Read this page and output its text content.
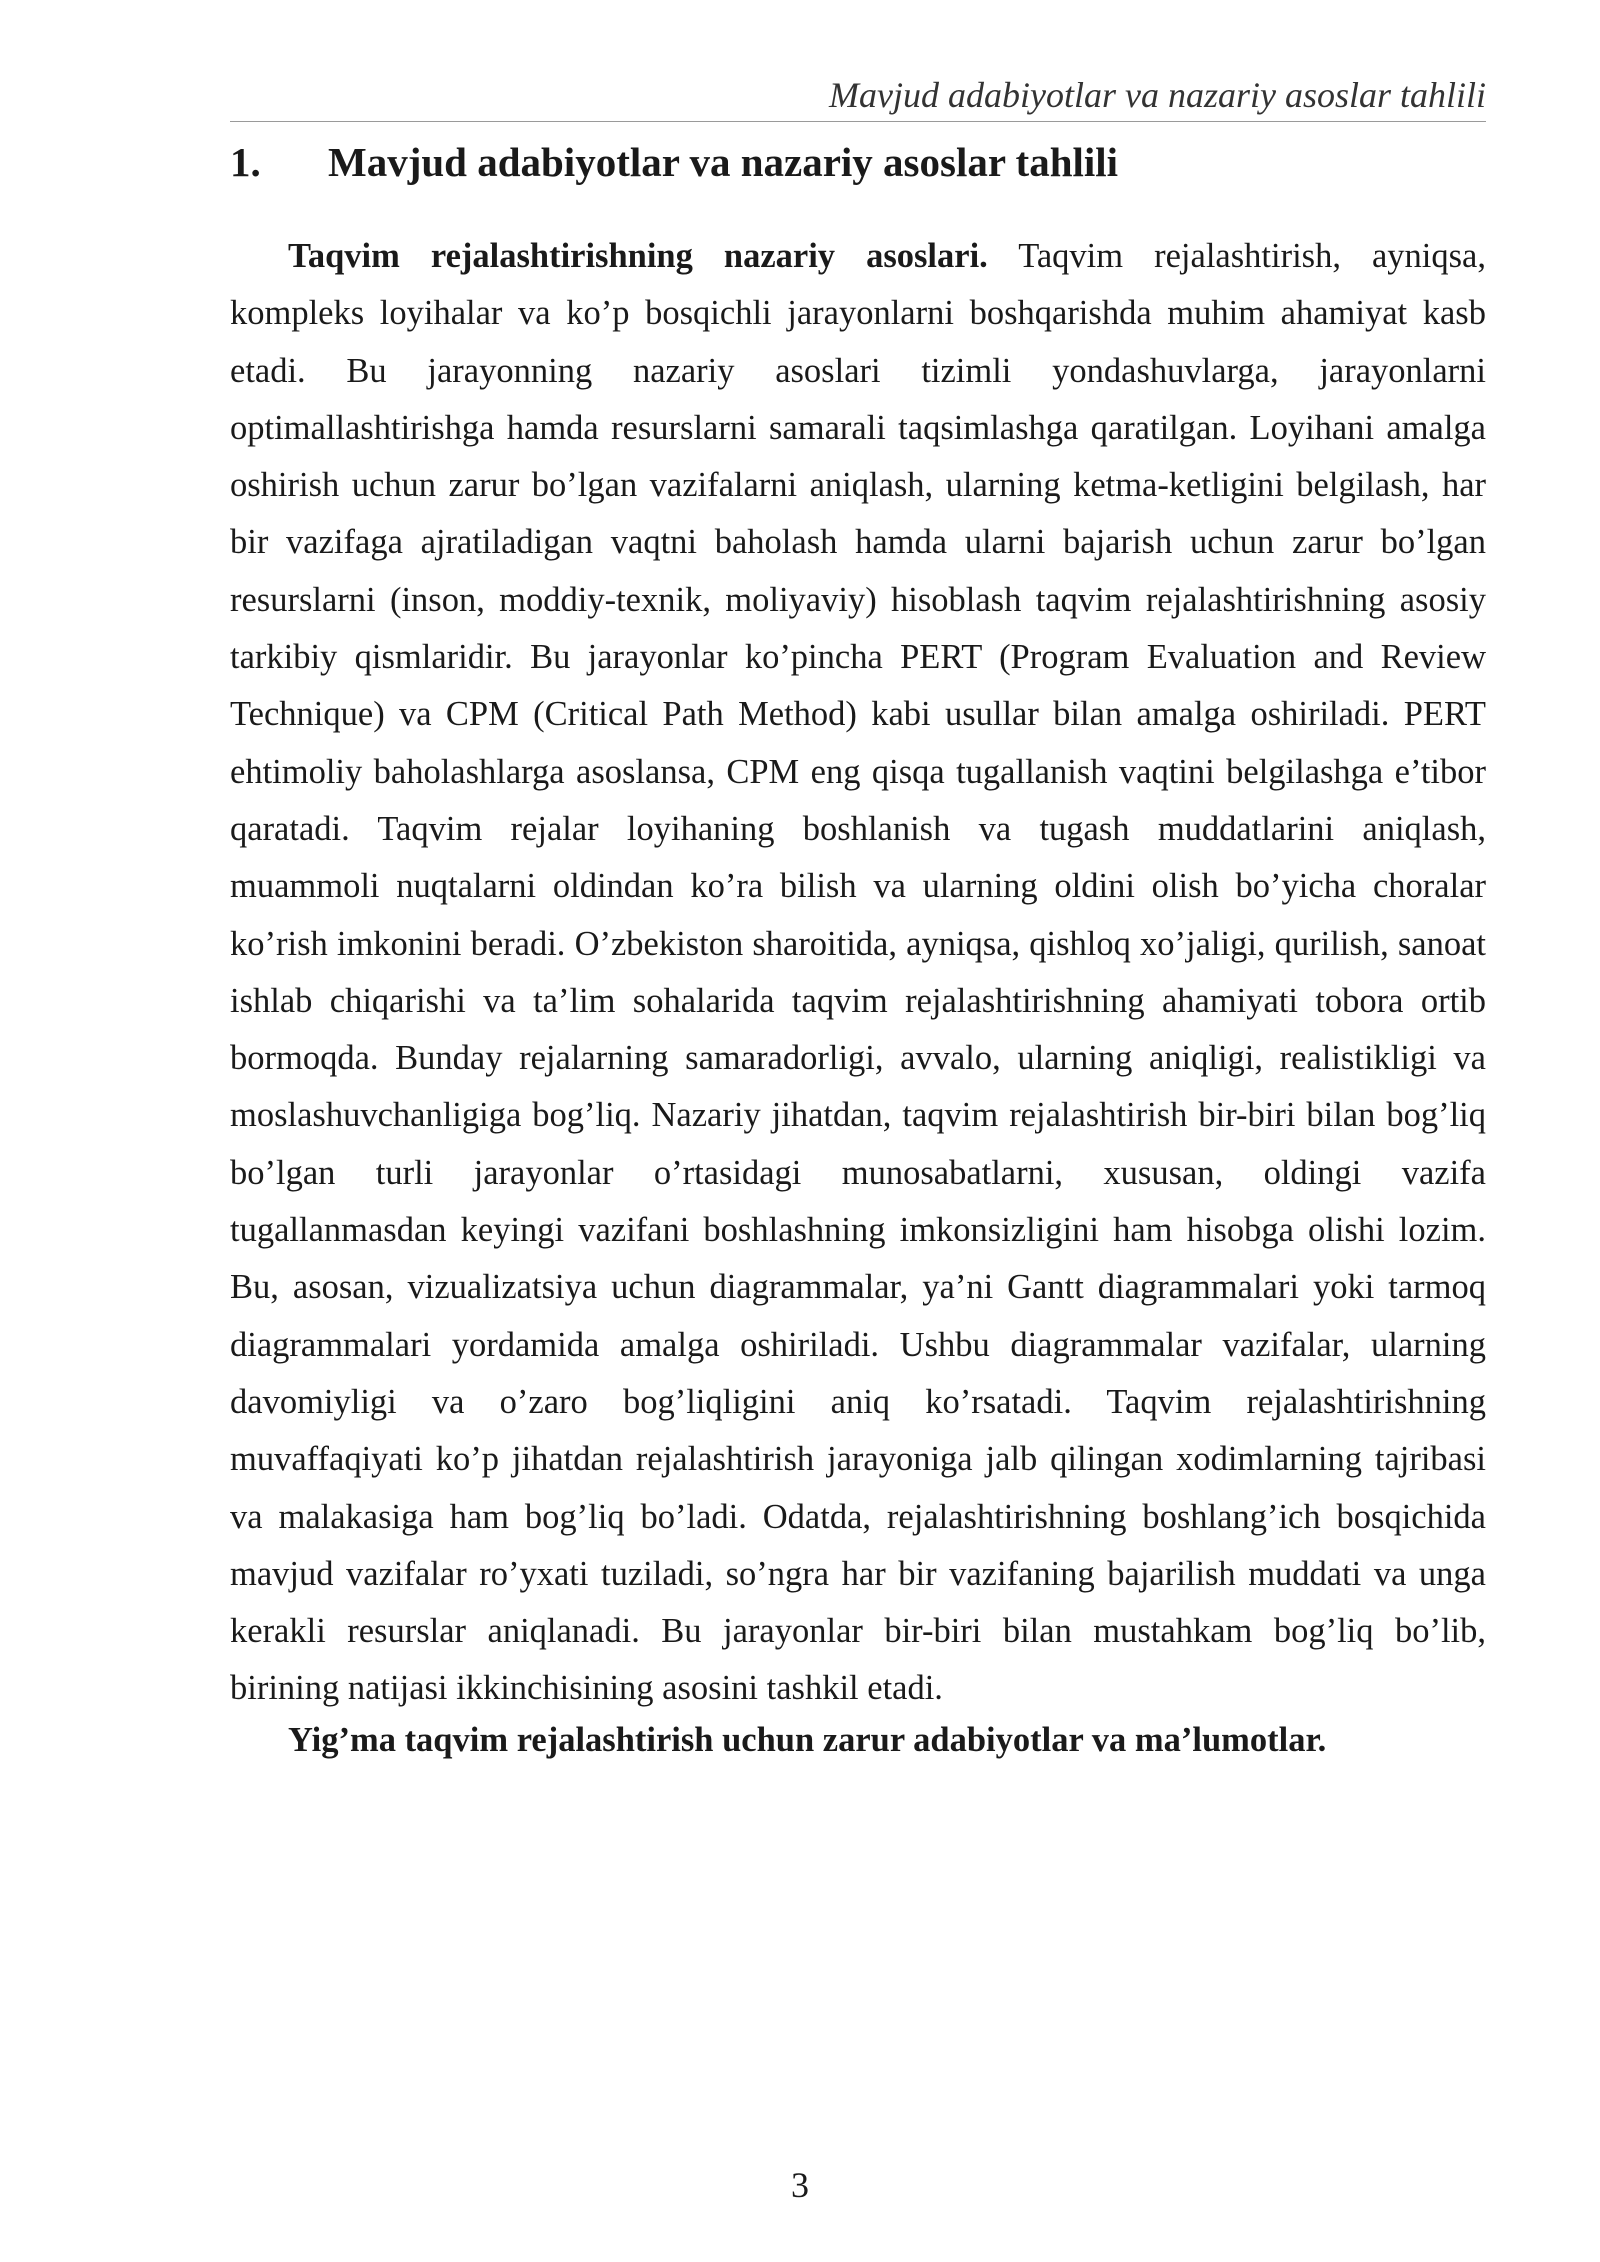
Mavjud adabiyotlar va nazariy asoslar tahlili
1.	Mavjud adabiyotlar va nazariy asoslar tahlili

Taqvim rejalashtirishning nazariy asoslari. Taqvim rejalashtirish, ayniqsa, kompleks loyihalar va ko’p bosqichli jarayonlarni boshqarishda muhim ahamiyat kasb etadi. Bu jarayonning nazariy asoslari tizimli yondashuvlarga, jarayonlarni optimallashtirishga hamda resurslarni samarali taqsimlashga qaratilgan. Loyihani amalga oshirish uchun zarur bo’lgan vazifalarni aniqlash, ularning ketma-ketligini belgilash, har bir vazifaga ajratiladigan vaqtni baholash hamda ularni bajarish uchun zarur bo’lgan resurslarni (inson, moddiy-texnik, moliyaviy) hisoblash taqvim rejalashtirishning asosiy tarkibiy qismlaridir. Bu jarayonlar ko’pincha PERT (Program Evaluation and Review Technique) va CPM (Critical Path Method) kabi usullar bilan amalga oshiriladi. PERT ehtimoliy baholashlarga asoslansa, CPM eng qisqa tugallanish vaqtini belgilashga e’tibor qaratadi. Taqvim rejalar loyihaning boshlanish va tugash muddatlarini aniqlash, muammoli nuqtalarni oldindan ko’ra bilish va ularning oldini olish bo’yicha choralar ko’rish imkonini beradi. O’zbekiston sharoitida, ayniqsa, qishloq xo’jaligi, qurilish, sanoat ishlab chiqarishi va ta’lim sohalarida taqvim rejalashtirishning ahamiyati tobora ortib bormoqda. Bunday rejalarning samaradorligi, avvalo, ularning aniqligi, realistikligi va moslashuvchanligiga bog’liq. Nazariy jihatdan, taqvim rejalashtirish bir-biri bilan bog’liq bo’lgan turli jarayonlar o’rtasidagi munosabatlarni, xususan, oldingi vazifa tugallanmasdan keyingi vazifani boshlashning imkonsizligini ham hisobga olishi lozim. Bu, asosan, vizualizatsiya uchun diagrammalar, ya’ni Gantt diagrammalari yoki tarmoq diagrammalari yordamida amalga oshiriladi. Ushbu diagrammalar vazifalar, ularning davomiyligi va o’zaro bog’liqligini aniq ko’rsatadi. Taqvim rejalashtirishning muvaffaqiyati ko’p jihatdan rejalashtirish jarayoniga jalb qilingan xodimlarning tajribasi va malakasiga ham bog’liq bo’ladi. Odatda, rejalashtirishning boshlang’ich bosqichida mavjud vazifalar ro’yxati tuziladi, so’ngra har bir vazifaning bajarilish muddati va unga kerakli resurslar aniqlanadi. Bu jarayonlar bir-biri bilan mustahkam bog’liq bo’lib, birining natijasi ikkinchisining asosini tashkil etadi.

Yig’ma taqvim rejalashtirish uchun zarur adabiyotlar va ma’lumotlar.

3
